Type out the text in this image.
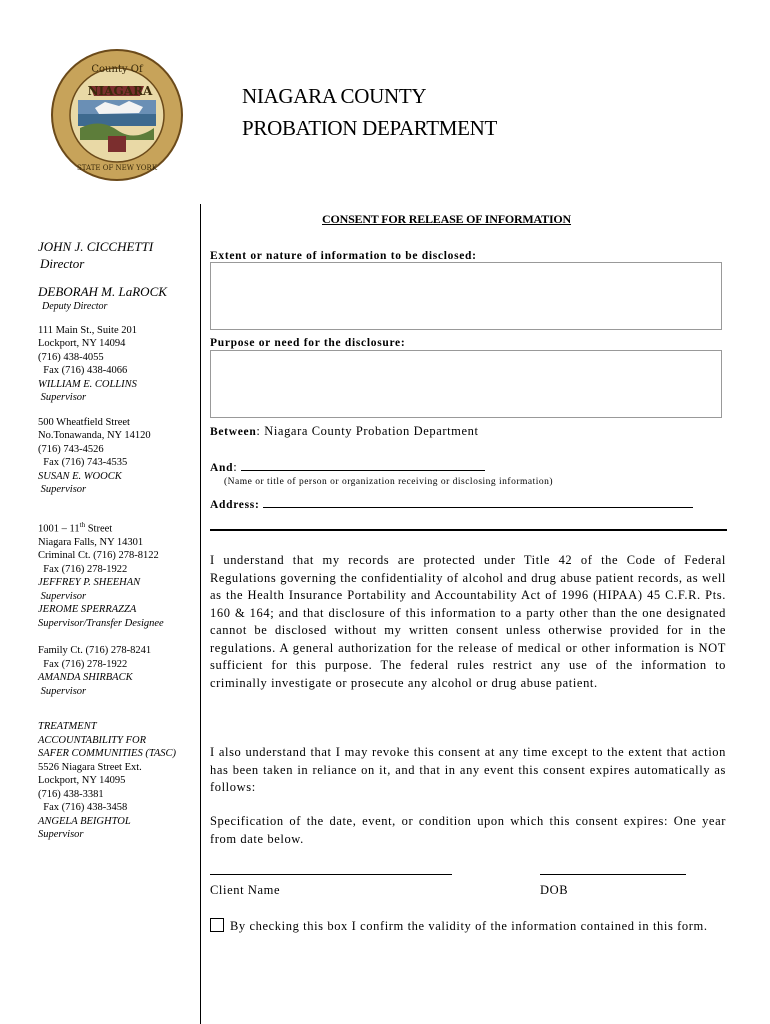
County Of
NIAGARA
STATE OF NEW YORK
NIAGARA COUNTY
PROBATION DEPARTMENT
JOHN J. CICCHETTI
Director
DEBORAH M. LaROCK
Deputy Director
111 Main St., Suite 201
Lockport, NY 14094
(716) 438-4055
Fax (716) 438-4066
WILLIAM E. COLLINS
Supervisor
500 Wheatfield Street
No.Tonawanda, NY 14120
(716) 743-4526
Fax (716) 743-4535
SUSAN E. WOOCK
Supervisor
1001 – 11th Street
Niagara Falls, NY 14301
Criminal Ct. (716) 278-8122
Fax (716) 278-1922
JEFFREY P. SHEEHAN
Supervisor
JEROME SPERRAZZA
Supervisor/Transfer Designee
Family Ct. (716) 278-8241
Fax (716) 278-1922
AMANDA SHIRBACK
Supervisor
TREATMENT
ACCOUNTABILITY FOR
SAFER COMMUNITIES (TASC)
5526 Niagara Street Ext.
Lockport, NY 14095
(716) 438-3381
Fax (716) 438-3458
ANGELA BEIGHTOL
Supervisor
CONSENT FOR RELEASE OF INFORMATION
Extent or nature of information to be disclosed:
Purpose or need for the disclosure:
Between: Niagara County Probation Department
And:
(Name or title of person or organization receiving or disclosing information)
Address:
I understand that my records are protected under Title 42 of the Code of Federal Regulations governing the confidentiality of alcohol and drug abuse patient records, as well as the Health Insurance Portability and Accountability Act of 1996 (HIPAA) 45 C.F.R. Pts. 160 & 164; and that disclosure of this information to a party other than the one designated cannot be disclosed without my written consent unless otherwise provided for in the regulations. A general authorization for the release of medical or other information is NOT sufficient for this purpose. The federal rules restrict any use of the information to criminally investigate or prosecute any alcohol or drug abuse patient.
I also understand that I may revoke this consent at any time except to the extent that action has been taken in reliance on it, and that in any event this consent expires automatically as follows:
Specification of the date, event, or condition upon which this consent expires: One year from date below.
Client Name	DOB
By checking this box I confirm the validity of the information contained in this form.
